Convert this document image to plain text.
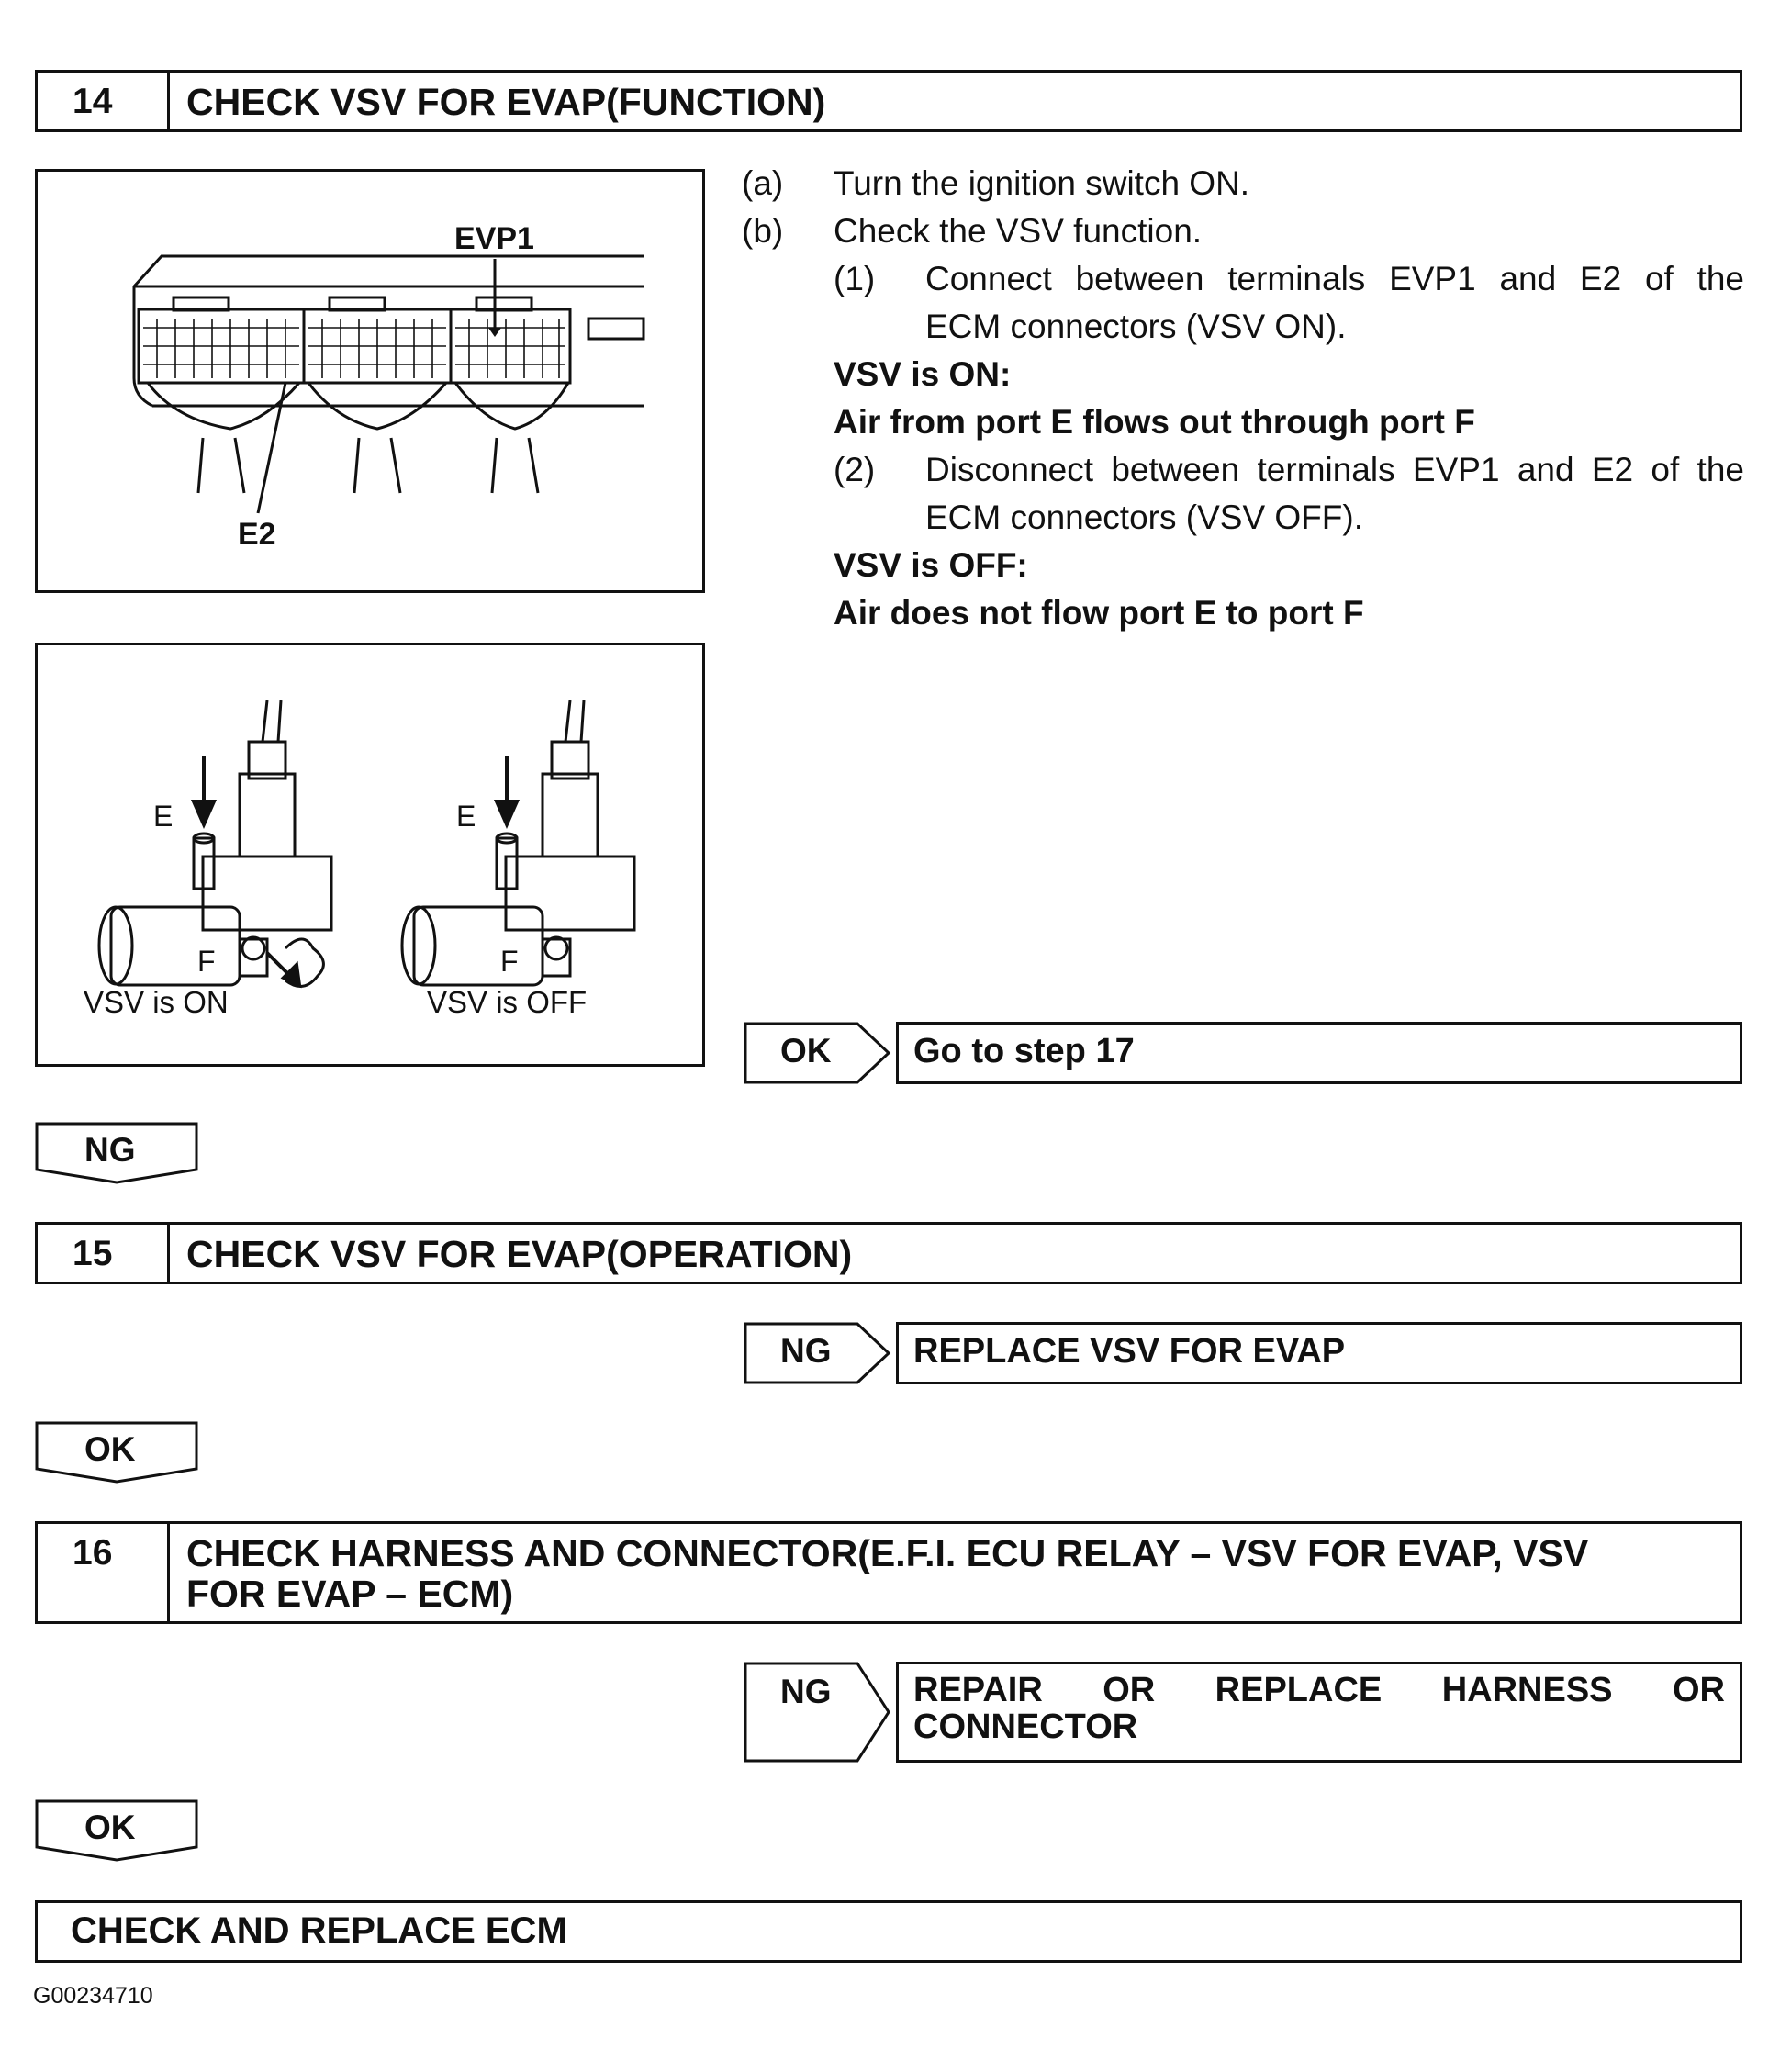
14	CHECK VSV FOR EVAP(FUNCTION)
EVP1
E2
E
F
VSV is ON
E
F
VSV is OFF
(a)	Turn the ignition switch ON.
(b)	Check the VSV function.
(1)	Connect between terminals EVP1 and E2 of the
ECM connectors (VSV ON).
VSV is ON:
Air from port E flows out through port F
(2)	Disconnect between terminals EVP1 and E2 of the
ECM connectors (VSV OFF).
VSV is OFF:
Air does not flow port E to port F
OK	Go to step 17
NG
15	CHECK VSV FOR EVAP(OPERATION)
NG	REPLACE VSV FOR EVAP
OK
16	CHECK HARNESS AND CONNECTOR(E.F.I. ECU RELAY – VSV FOR EVAP, VSV
FOR EVAP – ECM)
NG REPAIR OR REPLACE HARNESS OR
CONNECTOR
OK
CHECK AND REPLACE ECM
G00234710
